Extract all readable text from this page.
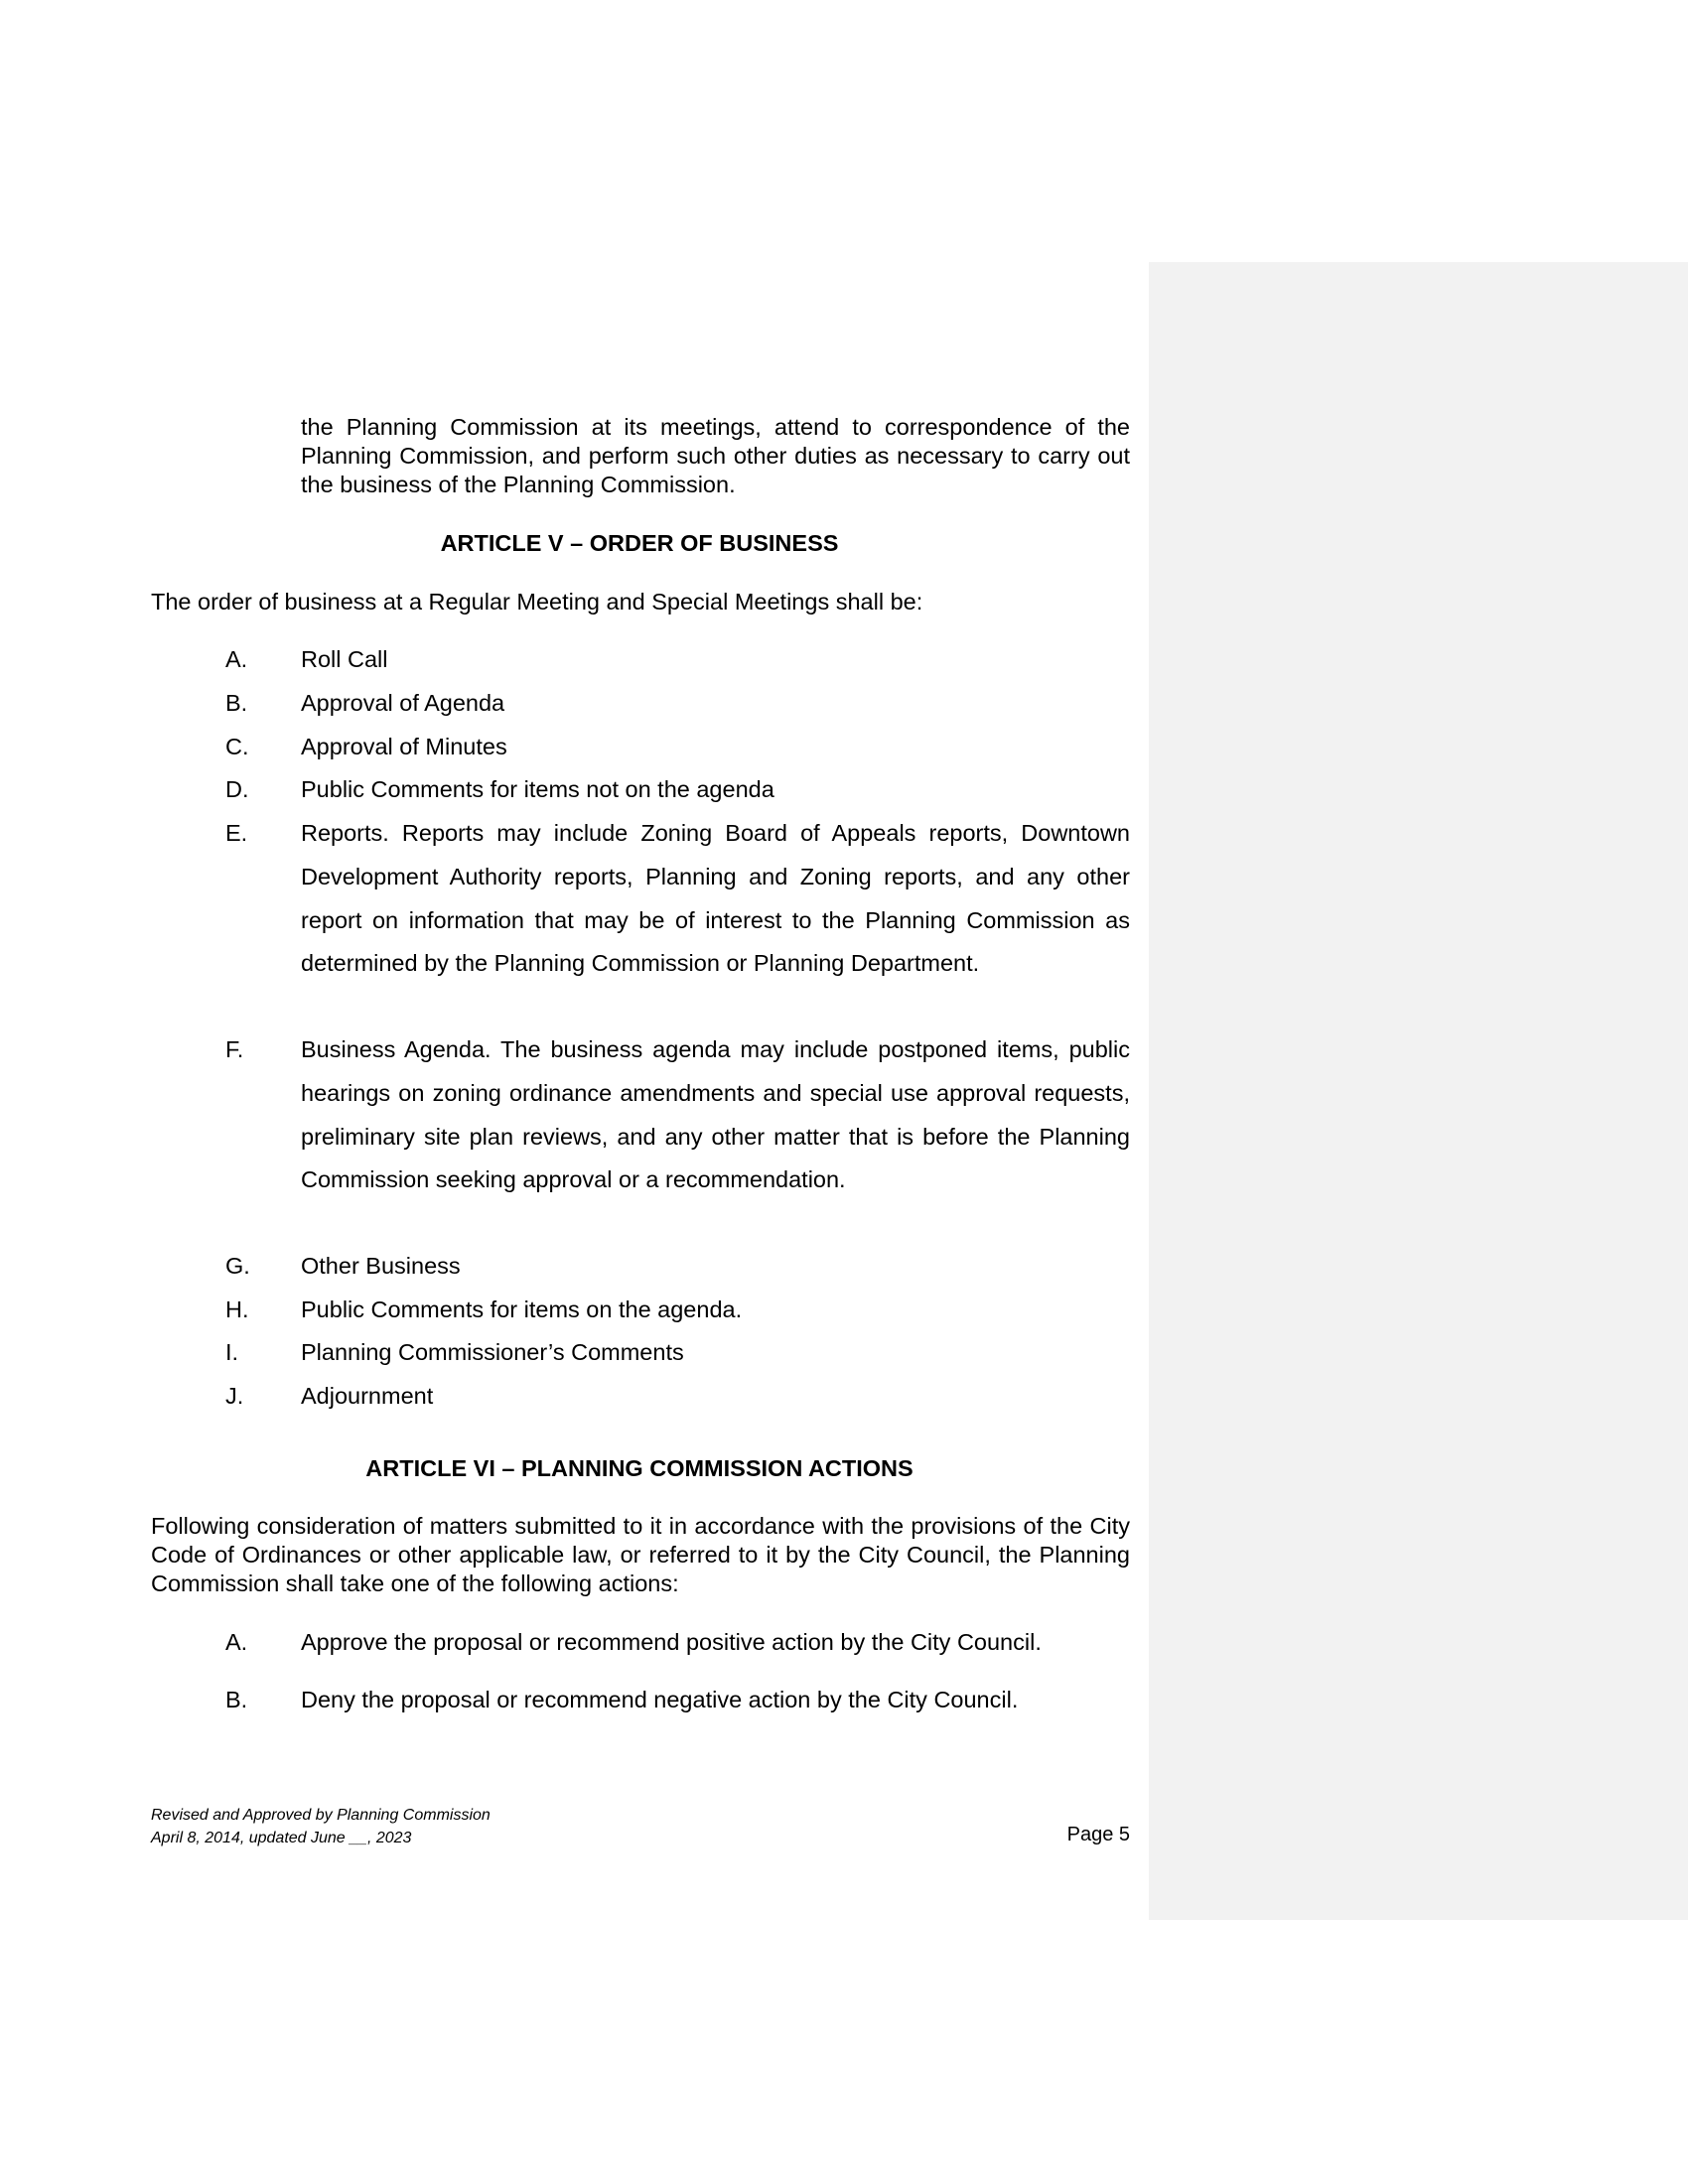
the Planning Commission at its meetings, attend to correspondence of the Planning Commission, and perform such other duties as necessary to carry out the business of the Planning Commission.

ARTICLE V – ORDER OF BUSINESS

The order of business at a Regular Meeting and Special Meetings shall be:

A. Roll Call

B. Approval of Agenda

C. Approval of Minutes

D. Public Comments for items not on the agenda

E. Reports. Reports may include Zoning Board of Appeals reports, Downtown Development Authority reports, Planning and Zoning reports, and any other report on information that may be of interest to the Planning Commission as determined by the Planning Commission or Planning Department.

F. Business Agenda. The business agenda may include postponed items, public hearings on zoning ordinance amendments and special use approval requests, preliminary site plan reviews, and any other matter that is before the Planning Commission seeking approval or a recommendation.

G. Other Business

H. Public Comments for items on the agenda.

I.	Planning Commissioner’s Comments

J. Adjournment

ARTICLE VI – PLANNING COMMISSION ACTIONS

Following consideration of matters submitted to it in accordance with the provisions of the City Code of Ordinances or other applicable law, or referred to it by the City Council, the Planning Commission shall take one of the following actions:

A. Approve the proposal or recommend positive action by the City Council.

B. Deny the proposal or recommend negative action by the City Council.

Revised and Approved by Planning Commission
April 8, 2014, updated June __, 2023	Page 5
